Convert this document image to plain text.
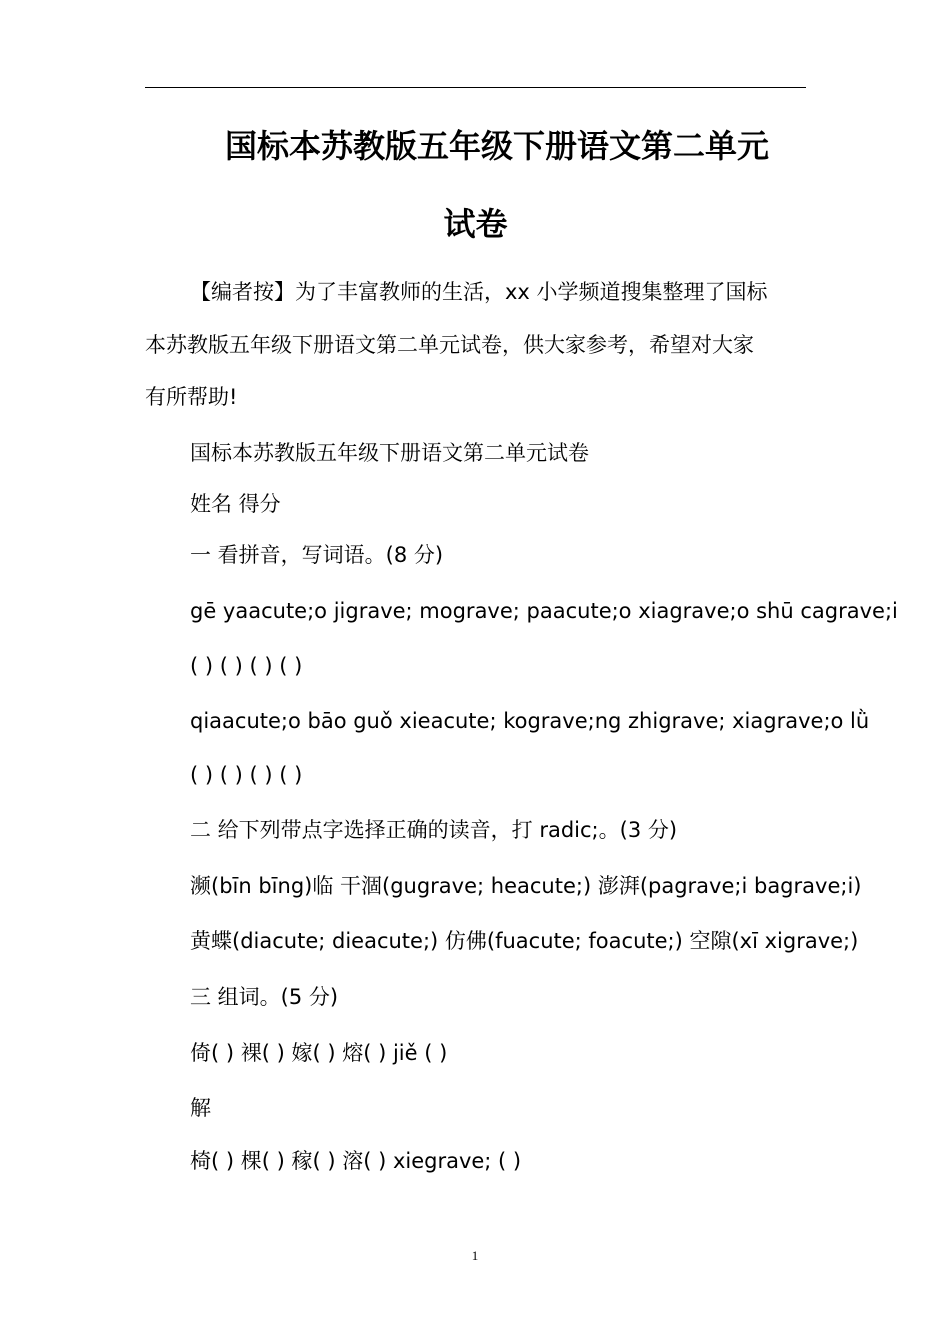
国标本苏教版五年级下册语文第二单元
试卷
【编者按】为了丰富教师的生活，xx 小学频道搜集整理了国标
本苏教版五年级下册语文第二单元试卷，供大家参考，希望对大家
有所帮助!
国标本苏教版五年级下册语文第二单元试卷
姓名 得分
一 看拼音，写词语。(8 分)
gē yaacute;o jigrave; mograve; paacute;o xiagrave;o shū cagrave;i
( ) ( ) ( ) ( )
qiaacute;o bāo guǒ xieacute; kograve;ng zhigrave; xiagrave;o lǜ
( ) ( ) ( ) ( )
二 给下列带点字选择正确的读音，打 radic;。(3 分)
濒(bīn bīng)临 干涸(gugrave; heacute;) 澎湃(pagrave;i bagrave;i)
黄蝶(diacute; dieacute;) 仿佛(fuacute; foacute;) 空隙(xī xigrave;)
三 组词。(5 分)
倚( ) 裸( ) 嫁( ) 熔( ) jiě ( )
解
椅( ) 棵( ) 稼( ) 溶( ) xiegrave; ( )
1
